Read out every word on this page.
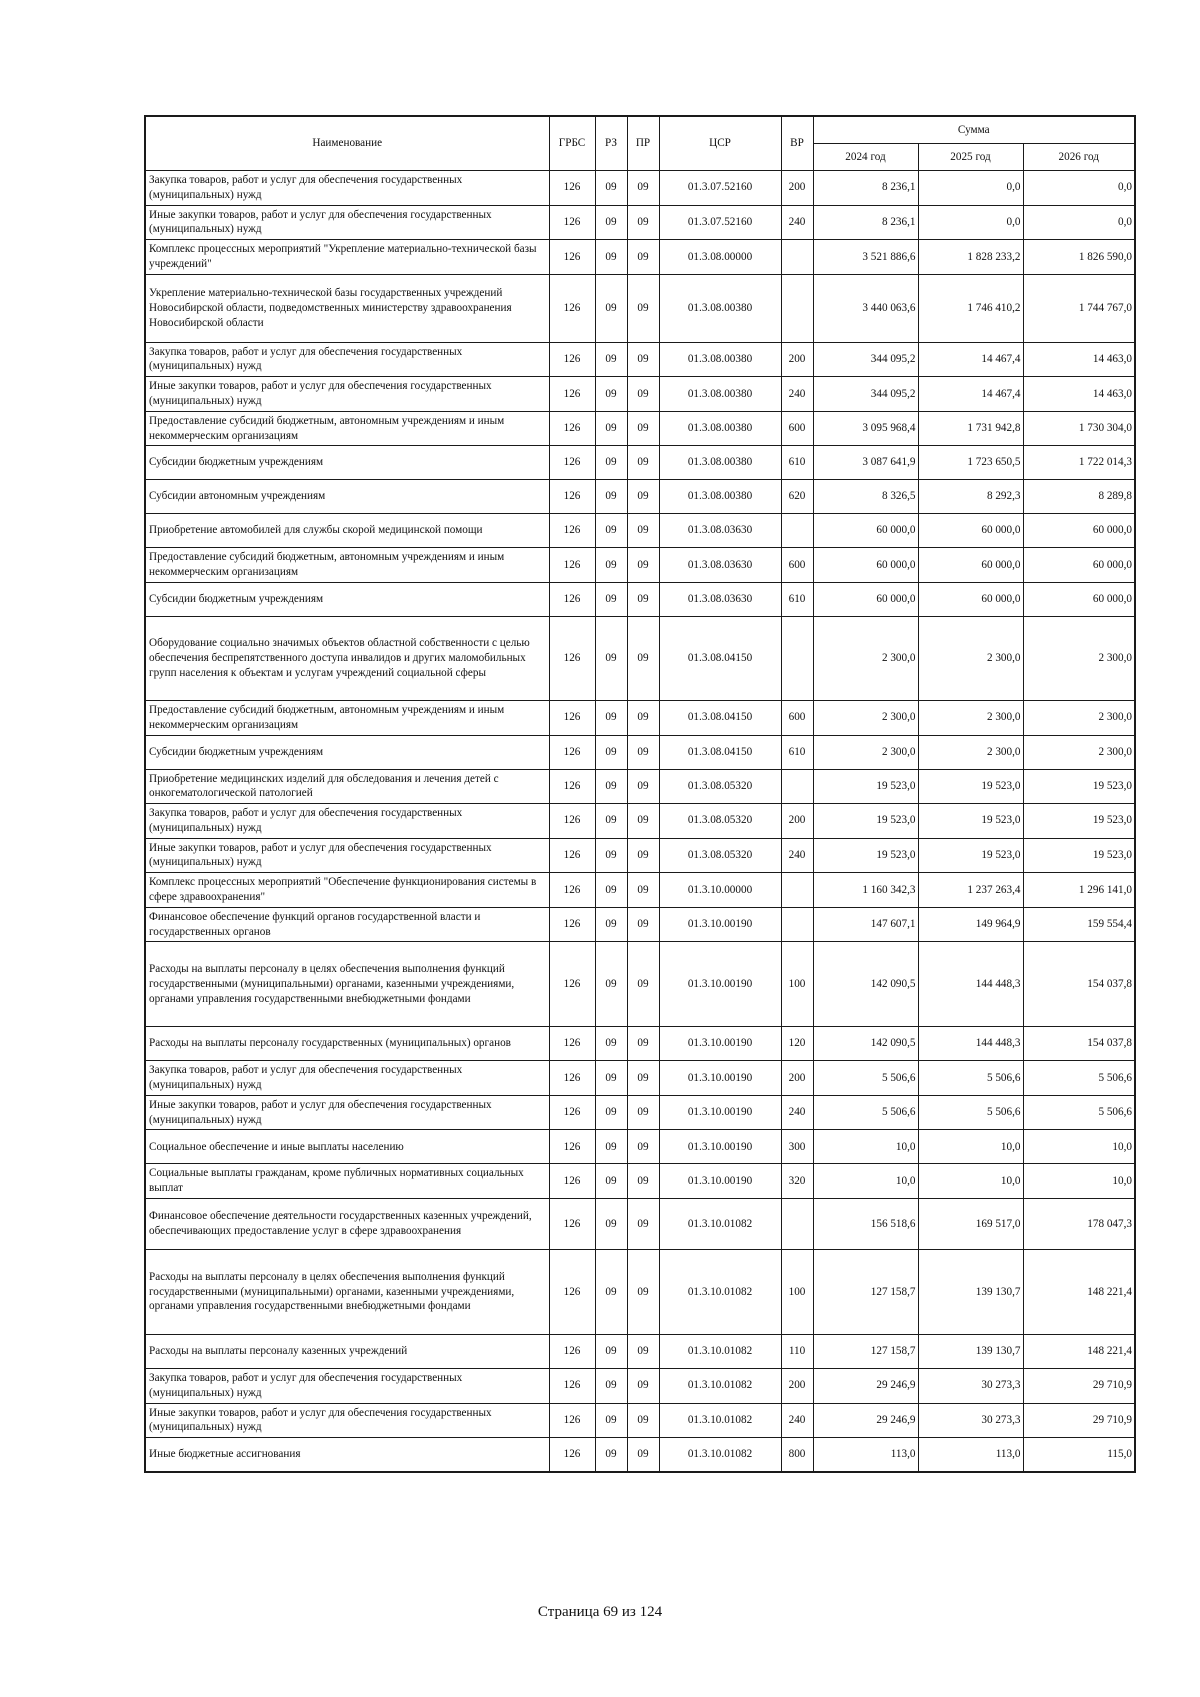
Наименование	ГРБС	РЗ	ПР	ЦСР	ВР	Сумма		
						2024 год	2025 год	2026 год
Закупка товаров, работ и услуг для обеспечения государственных (муниципальных) нужд	126	09	09	01.3.07.52160	200	8 236,1	0,0	0,0
Иные закупки товаров, работ и услуг для обеспечения государственных (муниципальных) нужд	126	09	09	01.3.07.52160	240	8 236,1	0,0	0,0
Комплекс процессных мероприятий "Укрепление материально-технической базы учреждений"	126	09	09	01.3.08.00000		3 521 886,6	1 828 233,2	1 826 590,0
Укрепление материально-технической базы государственных учреждений Новосибирской области, подведомственных министерству здравоохранения Новосибирской области	126	09	09	01.3.08.00380		3 440 063,6	1 746 410,2	1 744 767,0
Закупка товаров, работ и услуг для обеспечения государственных (муниципальных) нужд	126	09	09	01.3.08.00380	200	344 095,2	14 467,4	14 463,0
Иные закупки товаров, работ и услуг для обеспечения государственных (муниципальных) нужд	126	09	09	01.3.08.00380	240	344 095,2	14 467,4	14 463,0
Предоставление субсидий бюджетным, автономным учреждениям и иным некоммерческим организациям	126	09	09	01.3.08.00380	600	3 095 968,4	1 731 942,8	1 730 304,0
Субсидии бюджетным учреждениям	126	09	09	01.3.08.00380	610	3 087 641,9	1 723 650,5	1 722 014,3
Субсидии автономным учреждениям	126	09	09	01.3.08.00380	620	8 326,5	8 292,3	8 289,8
Приобретение автомобилей для службы скорой медицинской помощи	126	09	09	01.3.08.03630		60 000,0	60 000,0	60 000,0
Предоставление субсидий бюджетным, автономным учреждениям и иным некоммерческим организациям	126	09	09	01.3.08.03630	600	60 000,0	60 000,0	60 000,0
Субсидии бюджетным учреждениям	126	09	09	01.3.08.03630	610	60 000,0	60 000,0	60 000,0
Оборудование социально значимых объектов областной собственности с целью обеспечения беспрепятственного доступа инвалидов и других маломобильных групп населения к объектам и услугам учреждений социальной сферы	126	09	09	01.3.08.04150		2 300,0	2 300,0	2 300,0
Предоставление субсидий бюджетным, автономным учреждениям и иным некоммерческим организациям	126	09	09	01.3.08.04150	600	2 300,0	2 300,0	2 300,0
Субсидии бюджетным учреждениям	126	09	09	01.3.08.04150	610	2 300,0	2 300,0	2 300,0
Приобретение медицинских изделий для обследования и лечения детей с онкогематологической патологией	126	09	09	01.3.08.05320		19 523,0	19 523,0	19 523,0
Закупка товаров, работ и услуг для обеспечения государственных (муниципальных) нужд	126	09	09	01.3.08.05320	200	19 523,0	19 523,0	19 523,0
Иные закупки товаров, работ и услуг для обеспечения государственных (муниципальных) нужд	126	09	09	01.3.08.05320	240	19 523,0	19 523,0	19 523,0
Комплекс процессных мероприятий "Обеспечение функционирования системы в сфере здравоохранения"	126	09	09	01.3.10.00000		1 160 342,3	1 237 263,4	1 296 141,0
Финансовое обеспечение функций органов государственной власти и государственных органов	126	09	09	01.3.10.00190		147 607,1	149 964,9	159 554,4
Расходы на выплаты персоналу в целях обеспечения выполнения функций государственными (муниципальными) органами, казенными учреждениями, органами управления государственными внебюджетными фондами	126	09	09	01.3.10.00190	100	142 090,5	144 448,3	154 037,8
Расходы на выплаты персоналу государственных (муниципальных) органов	126	09	09	01.3.10.00190	120	142 090,5	144 448,3	154 037,8
Закупка товаров, работ и услуг для обеспечения государственных (муниципальных) нужд	126	09	09	01.3.10.00190	200	5 506,6	5 506,6	5 506,6
Иные закупки товаров, работ и услуг для обеспечения государственных (муниципальных) нужд	126	09	09	01.3.10.00190	240	5 506,6	5 506,6	5 506,6
Социальное обеспечение и иные выплаты населению	126	09	09	01.3.10.00190	300	10,0	10,0	10,0
Социальные выплаты гражданам, кроме публичных нормативных социальных выплат	126	09	09	01.3.10.00190	320	10,0	10,0	10,0
Финансовое обеспечение деятельности государственных казенных учреждений, обеспечивающих предоставление услуг в сфере здравоохранения	126	09	09	01.3.10.01082		156 518,6	169 517,0	178 047,3
Расходы на выплаты персоналу в целях обеспечения выполнения функций государственными (муниципальными) органами, казенными учреждениями, органами управления государственными внебюджетными фондами	126	09	09	01.3.10.01082	100	127 158,7	139 130,7	148 221,4
Расходы на выплаты персоналу казенных учреждений	126	09	09	01.3.10.01082	110	127 158,7	139 130,7	148 221,4
Закупка товаров, работ и услуг для обеспечения государственных (муниципальных) нужд	126	09	09	01.3.10.01082	200	29 246,9	30 273,3	29 710,9
Иные закупки товаров, работ и услуг для обеспечения государственных (муниципальных) нужд	126	09	09	01.3.10.01082	240	29 246,9	30 273,3	29 710,9
Иные бюджетные ассигнования	126	09	09	01.3.10.01082	800	113,0	113,0	115,0
Страница 69 из 124
